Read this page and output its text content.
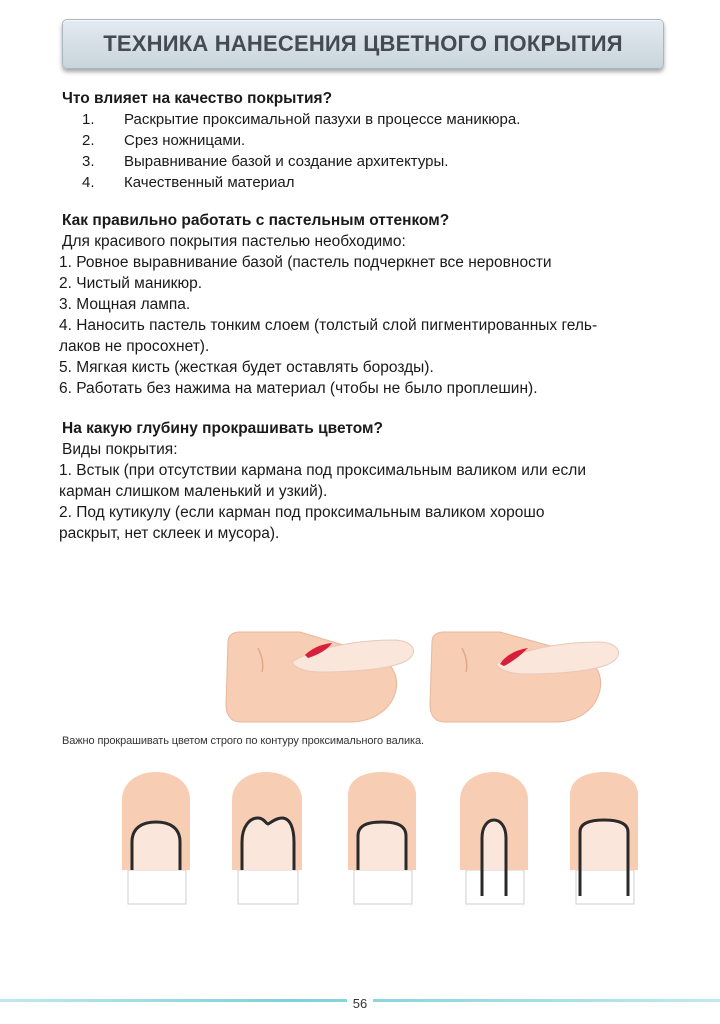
ТЕХНИКА НАНЕСЕНИЯ ЦВЕТНОГО ПОКРЫТИЯ

Что влияет на качество покрытия?

1. Раскрытие проксимальной пазухи в процессе маникюра.
2. Срез ножницами.
3. Выравнивание базой и создание архитектуры.
4. Качественный материал

Как правильно работать с пастельным оттенком?

Для красивого покрытия пастелью необходимо:

1. Ровное выравнивание базой (пастель подчеркнет все неровности

2. Чистый маникюр.

3. Мощная лампа.

4. Наносить пастель тонким слоем (толстый слой пигментированных гель-

лаков не просохнет).

5. Мягкая кисть (жесткая будет оставлять борозды).

6. Работать без нажима на материал (чтобы не было проплешин).

На какую глубину прокрашивать цветом?

Виды покрытия:

1. Встык (при отсутствии кармана под проксимальным валиком или если

карман слишком маленький и узкий).

2. Под кутикулу (если карман под проксимальным валиком хорошо

раскрыт, нет склеек и мусора).

Важно прокрашивать цветом строго по контуру проксимального валика.
56
